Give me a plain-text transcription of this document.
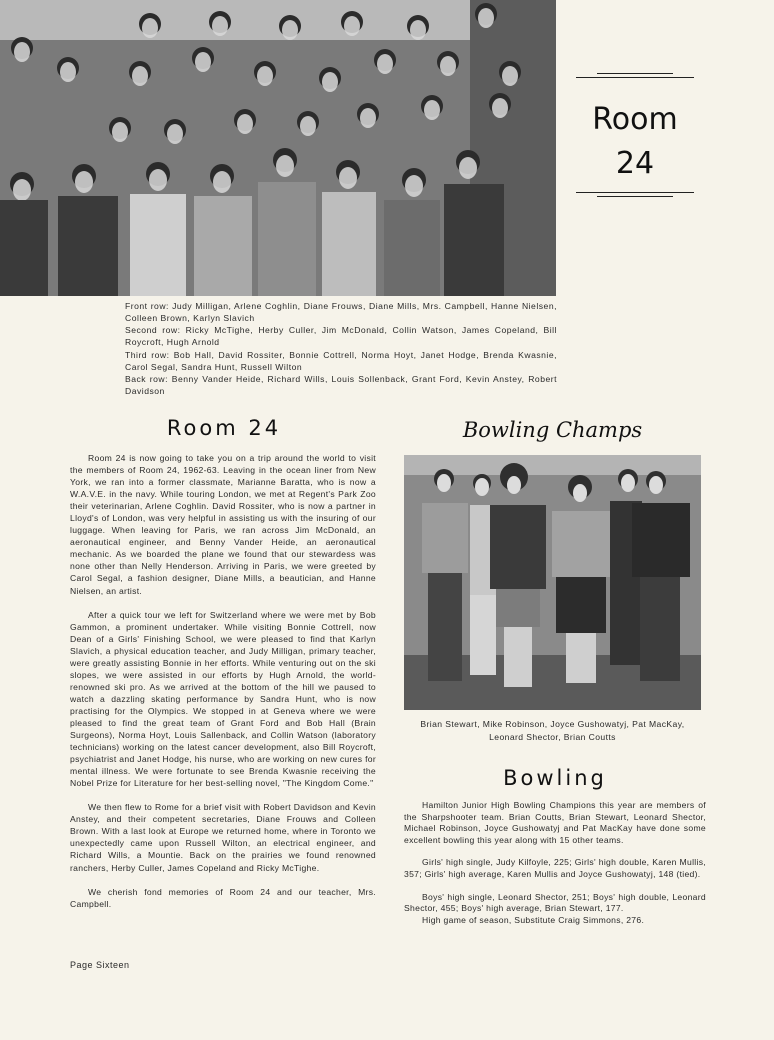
Room
24
Front row: Judy Milligan, Arlene Coghlin, Diane Frouws, Diane Mills, Mrs. Campbell, Hanne Nielsen, Colleen Brown, Karlyn Slavich
Second row: Ricky McTighe, Herby Culler, Jim McDonald, Collin Watson, James Copeland, Bill Roycroft, Hugh Arnold
Third row: Bob Hall, David Rossiter, Bonnie Cottrell, Norma Hoyt, Janet Hodge, Brenda Kwasnie, Carol Segal, Sandra Hunt, Russell Wilton
Back row: Benny Vander Heide, Richard Wills, Louis Sollenback, Grant Ford, Kevin Anstey, Robert Davidson
Room 24

Room 24 is now going to take you on a trip around the world to visit the members of Room 24, 1962-63. Leaving in the ocean liner from New York, we ran into a former classmate, Marianne Baratta, who is now a W.A.V.E. in the navy. While touring London, we met at Regent's Park Zoo their veterinarian, Arlene Coghlin. David Rossiter, who is now a partner in Lloyd's of London, was very helpful in assisting us with the insuring of our luggage. When leaving for Paris, we ran across Jim McDonald, an aeronautical engineer, and Benny Vander Heide, an aeronautical mechanic. As we boarded the plane we found that our stewardess was none other than Nelly Henderson. Arriving in Paris, we were greeted by Carol Segal, a fashion designer, Diane Mills, a beautician, and Hanne Nielsen, an artist.

After a quick tour we left for Switzerland where we were met by Bob Gammon, a prominent undertaker. While visiting Bonnie Cottrell, now Dean of a Girls' Finishing School, we were pleased to find that Karlyn Slavich, a physical education teacher, and Judy Milligan, primary teacher, were greatly assisting Bonnie in her efforts. While venturing out on the ski slopes, we were assisted in our efforts by Hugh Arnold, the world-renowned ski pro. As we arrived at the bottom of the hill we paused to watch a dazzling skating performance by Sandra Hunt, who is now practising for the Olympics. We stopped in at Geneva where we were pleased to find the great team of Grant Ford and Bob Hall (Brain Surgeons), Norma Hoyt, Louis Sallenback, and Collin Watson (laboratory technicians) working on the latest cancer development, also Bill Roycroft, psychiatrist and Janet Hodge, his nurse, who are working on new cures for mental illness. We were fortunate to see Brenda Kwasnie receiving the Nobel Prize for Literature for her best-selling novel, "The Kingdom Come."

We then flew to Rome for a brief visit with Robert Davidson and Kevin Anstey, and their competent secretaries, Diane Frouws and Colleen Brown. With a last look at Europe we returned home, where in Toronto we unexpectedly came upon Russell Wilton, an electrical engineer, and Richard Wills, a Mountie. Back on the prairies we found renowned ranchers, Herby Culler, James Copeland and Ricky McTighe.

We cherish fond memories of Room 24 and our teacher, Mrs. Campbell.

Bowling Champs
Brian Stewart, Mike Robinson, Joyce Gushowatyj, Pat MacKay,
Leonard Shector, Brian Coutts
Bowling

Hamilton Junior High Bowling Champions this year are members of the Sharpshooter team. Brian Coutts, Brian Stewart, Leonard Shector, Michael Robinson, Joyce Gushowatyj and Pat MacKay have done some excellent bowling this year along with 15 other teams.

Girls' high single, Judy Kilfoyle, 225; Girls' high double, Karen Mullis, 357; Girls' high average, Karen Mullis and Joyce Gushowatyj, 148 (tied).

Boys' high single, Leonard Shector, 251; Boys' high double, Leonard Shector, 455; Boys' high average, Brian Stewart, 177.

High game of season, Substitute Craig Simmons, 276.

Page Sixteen
